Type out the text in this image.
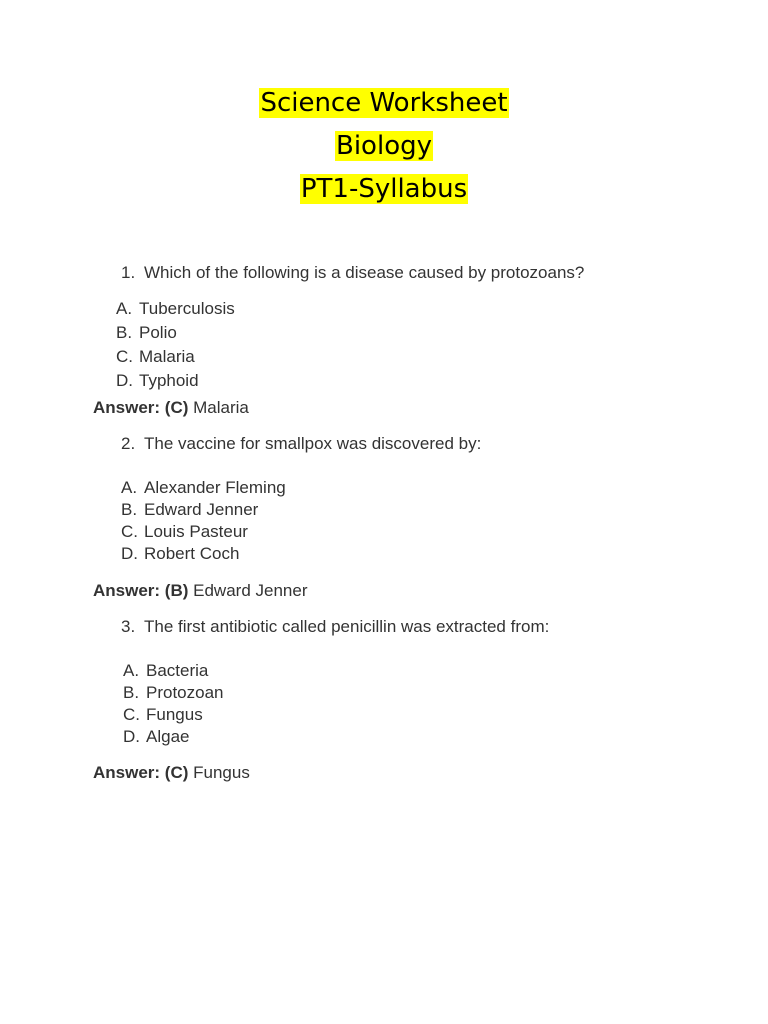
Science Worksheet
Biology
PT1-Syllabus
1. Which of the following is a disease caused by protozoans?
A. Tuberculosis
B. Polio
C. Malaria
D. Typhoid
Answer: (C) Malaria
2. The vaccine for smallpox was discovered by:
A. Alexander Fleming
B. Edward Jenner
C. Louis Pasteur
D. Robert Coch
Answer: (B) Edward Jenner
3. The first antibiotic called penicillin was extracted from:
A. Bacteria
B. Protozoan
C. Fungus
D. Algae
Answer: (C) Fungus
